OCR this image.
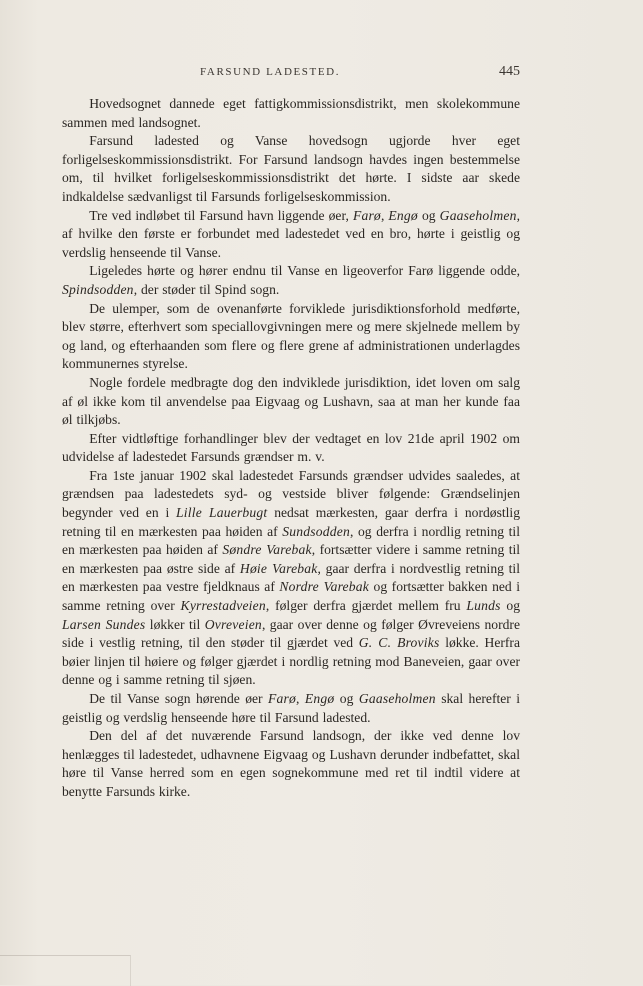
FARSUND LADESTED.	445

Hovedsognet dannede eget fattigkommissionsdistrikt, men skolekommune sammen med landsognet.

Farsund ladested og Vanse hovedsogn ugjorde hver eget forligelseskommissionsdistrikt. For Farsund landsogn havdes ingen bestemmelse om, til hvilket forligelseskommissionsdistrikt det hørte. I sidste aar skede indkaldelse sædvanligst til Farsunds forligelseskommission.

Tre ved indløbet til Farsund havn liggende øer, Farø, Engø og Gaaseholmen, af hvilke den første er forbundet med ladestedet ved en bro, hørte i geistlig og verdslig henseende til Vanse.

Ligeledes hørte og hører endnu til Vanse en ligeoverfor Farø liggende odde, Spindsodden, der støder til Spind sogn.

De ulemper, som de ovenanførte forviklede jurisdiktionsforhold medførte, blev større, efterhvert som speciallovgivningen mere og mere skjelnede mellem by og land, og efterhaanden som flere og flere grene af administrationen underlagdes kommunernes styrelse.

Nogle fordele medbragte dog den indviklede jurisdiktion, idet loven om salg af øl ikke kom til anvendelse paa Eigvaag og Lushavn, saa at man her kunde faa øl tilkjøbs.

Efter vidtløftige forhandlinger blev der vedtaget en lov 21de april 1902 om udvidelse af ladestedet Farsunds grændser m. v.

Fra 1ste januar 1902 skal ladestedet Farsunds grændser udvides saaledes, at grændsen paa ladestedets syd- og vestside bliver følgende: Grændselinjen begynder ved en i Lille Lauerbugt nedsat mærkesten, gaar derfra i nordøstlig retning til en mærkesten paa høiden af Sundsodden, og derfra i nordlig retning til en mærkesten paa høiden af Søndre Varebak, fortsætter videre i samme retning til en mærkesten paa østre side af Høie Varebak, gaar derfra i nordvestlig retning til en mærkesten paa vestre fjeldknaus af Nordre Varebak og fortsætter bakken ned i samme retning over Kyrrestadveien, følger derfra gjærdet mellem fru Lunds og Larsen Sundes løkker til Ovreveien, gaar over denne og følger Øvreveiens nordre side i vestlig retning, til den støder til gjærdet ved G. C. Broviks løkke. Herfra bøier linjen til høiere og følger gjærdet i nordlig retning mod Baneveien, gaar over denne og i samme retning til sjøen.

De til Vanse sogn hørende øer Farø, Engø og Gaaseholmen skal herefter i geistlig og verdslig henseende høre til Farsund ladested.

Den del af det nuværende Farsund landsogn, der ikke ved denne lov henlægges til ladestedet, udhavnene Eigvaag og Lushavn derunder indbefattet, skal høre til Vanse herred som en egen sognekommune med ret til indtil videre at benytte Farsunds kirke.
